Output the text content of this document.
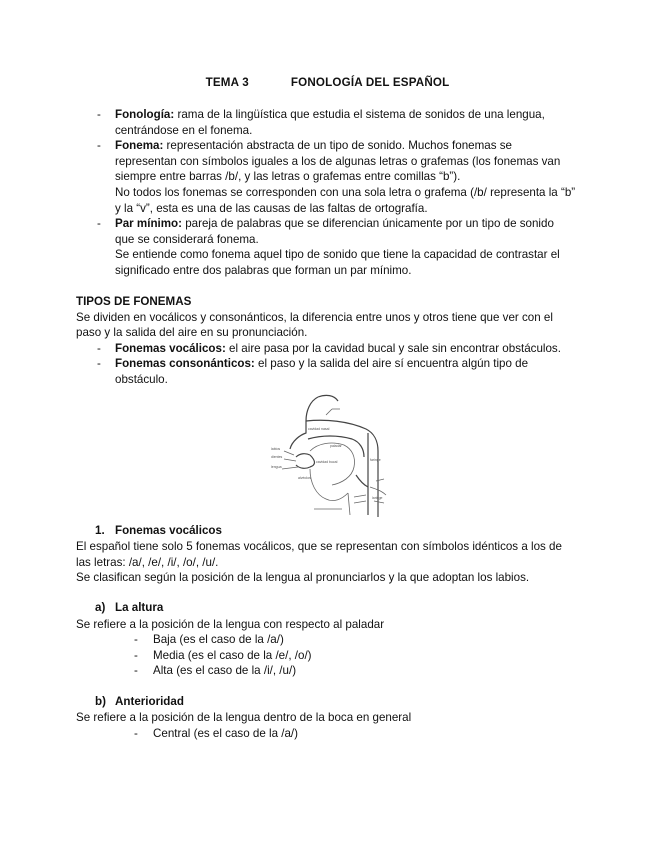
TEMA 3	FONOLOGÍA DEL ESPAÑOL

- Fonología: rama de la lingüística que estudia el sistema de sonidos de una lengua, centrándose en el fonema.

- Fonema: representación abstracta de un tipo de sonido. Muchos fonemas se representan con símbolos iguales a los de algunas letras o grafemas (los fonemas van siempre entre barras /b/, y las letras o grafemas entre comillas “b”).

No todos los fonemas se corresponden con una sola letra o grafema (/b/ representa la “b” y la “v”, esta es una de las causas de las faltas de ortografía.

- Par mínimo: pareja de palabras que se diferencian únicamente por un tipo de sonido que se considerará fonema.

Se entiende como fonema aquel tipo de sonido que tiene la capacidad de contrastar el significado entre dos palabras que forman un par mínimo.

TIPOS DE FONEMAS
Se dividen en vocálicos y consonánticos, la diferencia entre unos y otros tiene que ver con el paso y la salida del aire en su pronunciación.
- Fonemas vocálicos: el aire pasa por la cavidad bucal y sale sin encontrar obstáculos.
- Fonemas consonánticos: el paso y la salida del aire sí encuentra algún tipo de obstáculo.
cavidad nasal
labios
dientes
lengua
cavidad bucal	faringe
laringe
paladar
alvéolos
1. Fonemas vocálicos
El español tiene solo 5 fonemas vocálicos, que se representan con símbolos idénticos a los de las letras: /a/, /e/, /i/, /o/, /u/.
Se clasifican según la posición de la lengua al pronunciarlos y la que adoptan los labios.
a) La altura
Se refiere a la posición de la lengua con respecto al paladar
- Baja (es el caso de la /a/)
- Media (es el caso de la /e/, /o/)
- Alta (es el caso de la /i/, /u/)
b) Anterioridad
Se refiere a la posición de la lengua dentro de la boca en general
- Central (es el caso de la /a/)
